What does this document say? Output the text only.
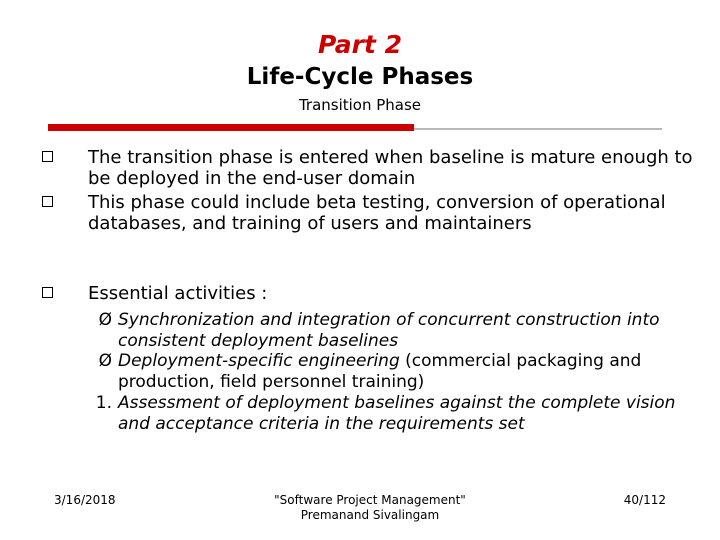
Part 2
Life-Cycle Phases
Transition Phase
The transition phase is entered when baseline is mature enough to be deployed in the end-user domain
This phase could include beta testing, conversion of operational databases, and training of users and maintainers
Essential activities :
Ø Synchronization and integration of concurrent construction into consistent deployment baselines
Ø Deployment-specific engineering (commercial packaging and production, field personnel training)
1. Assessment of deployment baselines against the complete vision and acceptance criteria in the requirements set
3/16/2018	"Software Project Management"
Premanand Sivalingam
40/112
